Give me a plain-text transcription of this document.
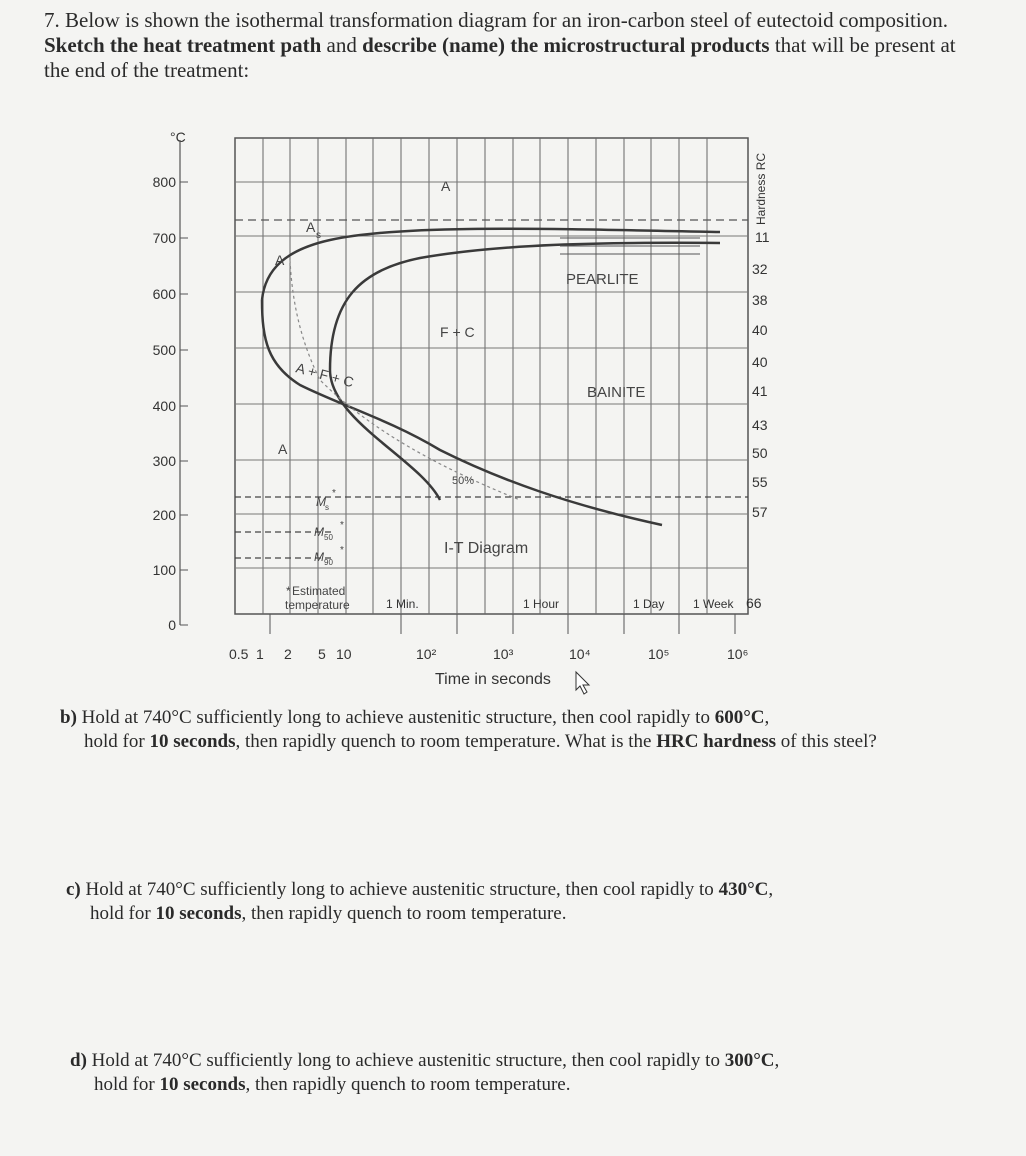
7. Below is shown the isothermal transformation diagram for an iron-carbon steel of eutectoid composition. Sketch the heat treatment path and describe (name) the microstructural products that will be present at the end of the treatment:
°C
800
700
600
500
400
300
200
100
0
0.5 1 2 5 10	10²	10³	10⁴	10⁵	10⁶
Time in seconds
1 Min.	1 Hour	1 Day 1 Week
Hardness RC
11
32
38
40
40
41
43
50
55
57
66
A
A
A
A
s
A + F + C
F + C
PEARLITE
BAINITE
50%
M s
*
M 50
*
M 90
*	I-T Diagram
* Estimated
temperature
b) Hold at 740°C sufficiently long to achieve austenitic structure, then cool rapidly to 600°C,
hold for 10 seconds, then rapidly quench to room temperature. What is the HRC hardness of this steel?
c) Hold at 740°C sufficiently long to achieve austenitic structure, then cool rapidly to 430°C,
hold for 10 seconds, then rapidly quench to room temperature.
d) Hold at 740°C sufficiently long to achieve austenitic structure, then cool rapidly to 300°C,
hold for 10 seconds, then rapidly quench to room temperature.
